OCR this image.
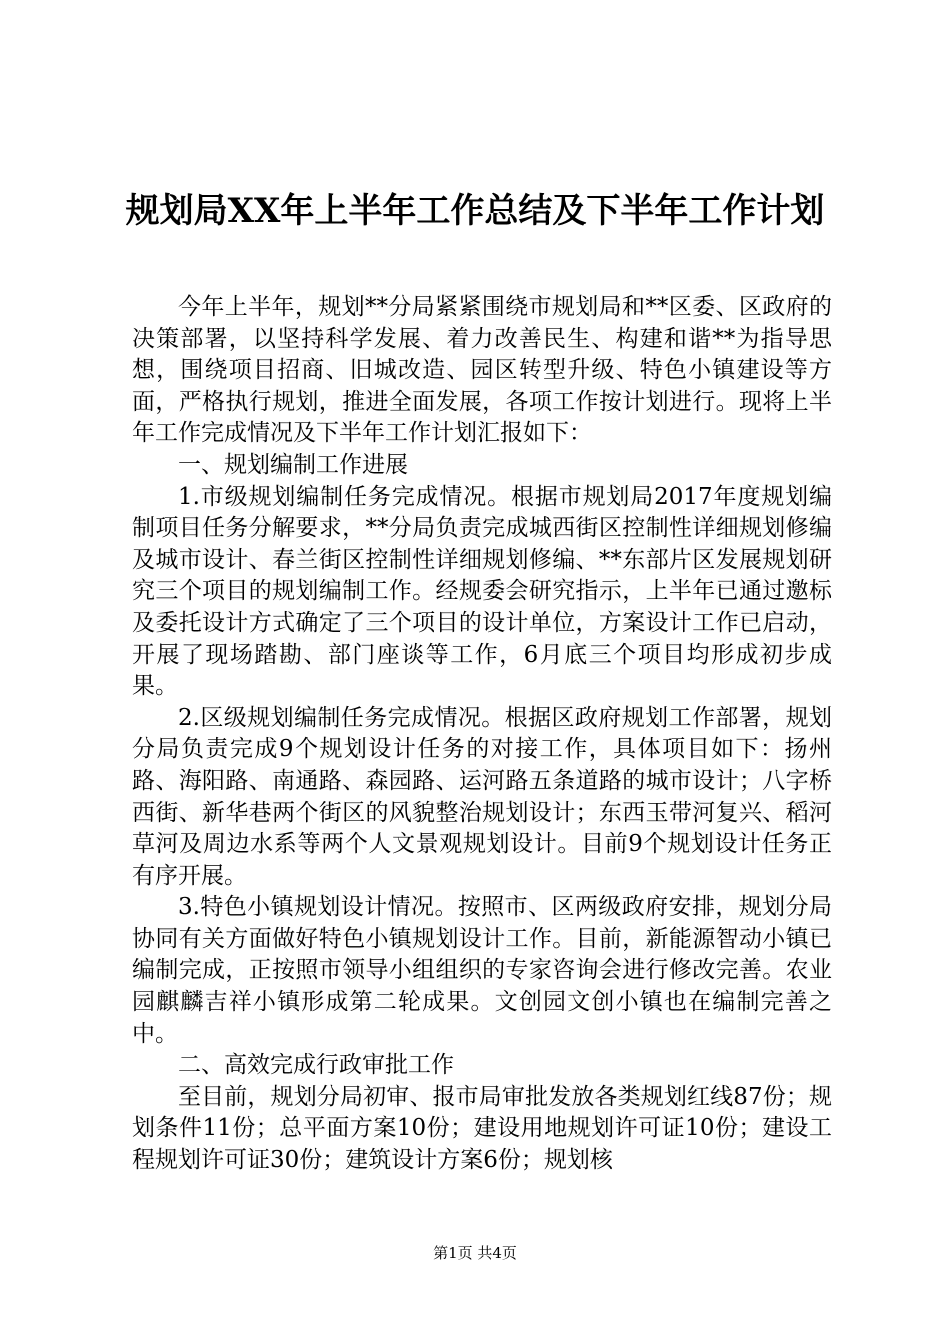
规划局XX年上半年工作总结及下半年工作计划

今年上半年，规划**分局紧紧围绕市规划局和**区委、区政府的决策部署，以坚持科学发展、着力改善民生、构建和谐**为指导思想，围绕项目招商、旧城改造、园区转型升级、特色小镇建设等方面，严格执行规划，推进全面发展，各项工作按计划进行。现将上半年工作完成情况及下半年工作计划汇报如下：

一、规划编制工作进展

1.市级规划编制任务完成情况。根据市规划局2017年度规划编制项目任务分解要求，**分局负责完成城西街区控制性详细规划修编及城市设计、春兰街区控制性详细规划修编、**东部片区发展规划研究三个项目的规划编制工作。经规委会研究指示，上半年已通过邀标及委托设计方式确定了三个项目的设计单位，方案设计工作已启动，开展了现场踏勘、部门座谈等工作，6月底三个项目均形成初步成果。

2.区级规划编制任务完成情况。根据区政府规划工作部署，规划分局负责完成9个规划设计任务的对接工作，具体项目如下：扬州路、海阳路、南通路、森园路、运河路五条道路的城市设计；八字桥西街、新华巷两个街区的风貌整治规划设计；东西玉带河复兴、稻河草河及周边水系等两个人文景观规划设计。目前9个规划设计任务正有序开展。

3.特色小镇规划设计情况。按照市、区两级政府安排，规划分局协同有关方面做好特色小镇规划设计工作。目前，新能源智动小镇已编制完成，正按照市领导小组组织的专家咨询会进行修改完善。农业园麒麟吉祥小镇形成第二轮成果。文创园文创小镇也在编制完善之中。

二、高效完成行政审批工作

至目前，规划分局初审、报市局审批发放各类规划红线87份；规划条件11份；总平面方案10份；建设用地规划许可证10份；建设工程规划许可证30份；建筑设计方案6份；规划核

第1页 共4页
